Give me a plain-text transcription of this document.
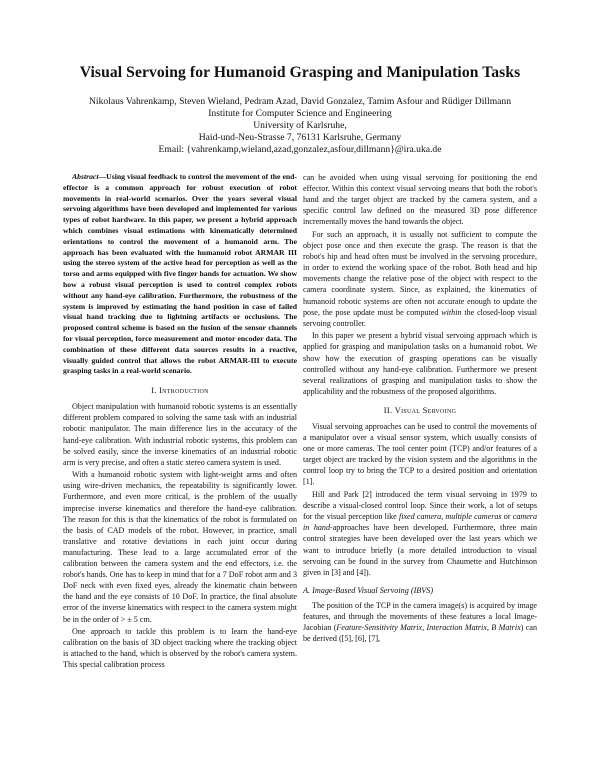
Visual Servoing for Humanoid Grasping and Manipulation Tasks
Nikolaus Vahrenkamp, Steven Wieland, Pedram Azad, David Gonzalez, Tamim Asfour and Rüdiger Dillmann
Institute for Computer Science and Engineering
University of Karlsruhe,
Haid-und-Neu-Strasse 7, 76131 Karlsruhe, Germany
Email: {vahrenkamp,wieland,azad,gonzalez,asfour,dillmann}@ira.uka.de

Abstract—Using visual feedback to control the movement of the end-effector is a common approach for robust execution of robot movements in real-world scenarios. Over the years several visual servoing algorithms have been developed and implemented for various types of robot hardware. In this paper, we present a hybrid approach which combines visual estimations with kinematically determined orientations to control the movement of a humanoid arm. The approach has been evaluated with the humanoid robot ARMAR III using the stereo system of the active head for perception as well as the torso and arms equipped with five finger hands for actuation. We show how a robust visual perception is used to control complex robots without any hand-eye calibration. Furthermore, the robustness of the system is improved by estimating the hand position in case of failed visual hand tracking due to lightning artifacts or occlusions. The proposed control scheme is based on the fusion of the sensor channels for visual perception, force measurement and motor encoder data. The combination of these different data sources results in a reactive, visually guided control that allows the robot ARMAR-III to execute grasping tasks in a real-world scenario.

I. Introduction

Object manipulation with humanoid robotic systems is an essentially different problem compared to solving the same task with an industrial robotic manipulator. The main difference lies in the accuracy of the hand-eye calibration. With industrial robotic systems, this problem can be solved easily, since the inverse kinematics of an industrial robotic arm is very precise, and often a static stereo camera system is used.

With a humanoid robotic system with light-weight arms and often using wire-driven mechanics, the repeatability is significantly lower. Furthermore, and even more critical, is the problem of the usually imprecise inverse kinematics and therefore the hand-eye calibration. The reason for this is that the kinematics of the robot is formulated on the basis of CAD models of the robot. However, in practice, small translative and rotative deviations in each joint occur during manufacturing. These lead to a large accumulated error of the calibration between the camera system and the end effectors, i.e. the robot's hands. One has to keep in mind that for a 7 DoF robot arm and 3 DoF neck with even fixed eyes, already the kinematic chain between the hand and the eye consists of 10 DoF. In practice, the final absolute error of the inverse kinematics with respect to the camera system might be in the order of > ± 5 cm.

One approach to tackle this problem is to learn the hand-eye calibration on the basis of 3D object tracking where the tracking object is attached to the hand, which is observed by the robot's camera system. This special calibration process

can be avoided when using visual servoing for positioning the end effector. Within this context visual servoing means that both the robot's hand and the target object are tracked by the camera system, and a specific control law defined on the measured 3D pose difference incrementally moves the hand towards the object.

For such an approach, it is usually not sufficient to compute the object pose once and then execute the grasp. The reason is that the robot's hip and head often must be involved in the servoing procedure, in order to extend the working space of the robot. Both head and hip movements change the relative pose of the object with respect to the camera coordinate system. Since, as explained, the kinematics of humanoid robotic systems are often not accurate enough to update the pose, the pose update must be computed within the closed-loop visual servoing controller.

In this paper we present a hybrid visual servoing approach which is applied for grasping and manipulation tasks on a humanoid robot. We show how the execution of grasping operations can be visually controlled without any hand-eye calibration. Furthermore we present several realizations of grasping and manipulation tasks to show the applicability and the robustness of the proposed algorithms.

II. Visual Servoing

Visual servoing approaches can be used to control the movements of a manipulator over a visual sensor system, which usually consists of one or more cameras. The tool center point (TCP) and/or features of a target object are tracked by the vision system and the algorithms in the control loop try to bring the TCP to a desired position and orientation [1].

Hill and Park [2] introduced the term visual servoing in 1979 to describe a visual-closed control loop. Since their work, a lot of setups for the visual perception like fixed camera, multiple cameras or camera in hand-approaches have been developed. Furthermore, three main control strategies have been developed over the last years which we want to introduce briefly (a more detailed introduction to visual servoing can be found in the survey from Chaumette and Hutchinson given in [3] and [4]).

A. Image-Based Visual Servoing (IBVS)

The position of the TCP in the camera image(s) is acquired by image features, and through the movements of these features a local Image-Jacobian (Feature-Sensitivity Matrix, Interaction Matrix, B Matrix) can be derived ([5], [6], [7],
